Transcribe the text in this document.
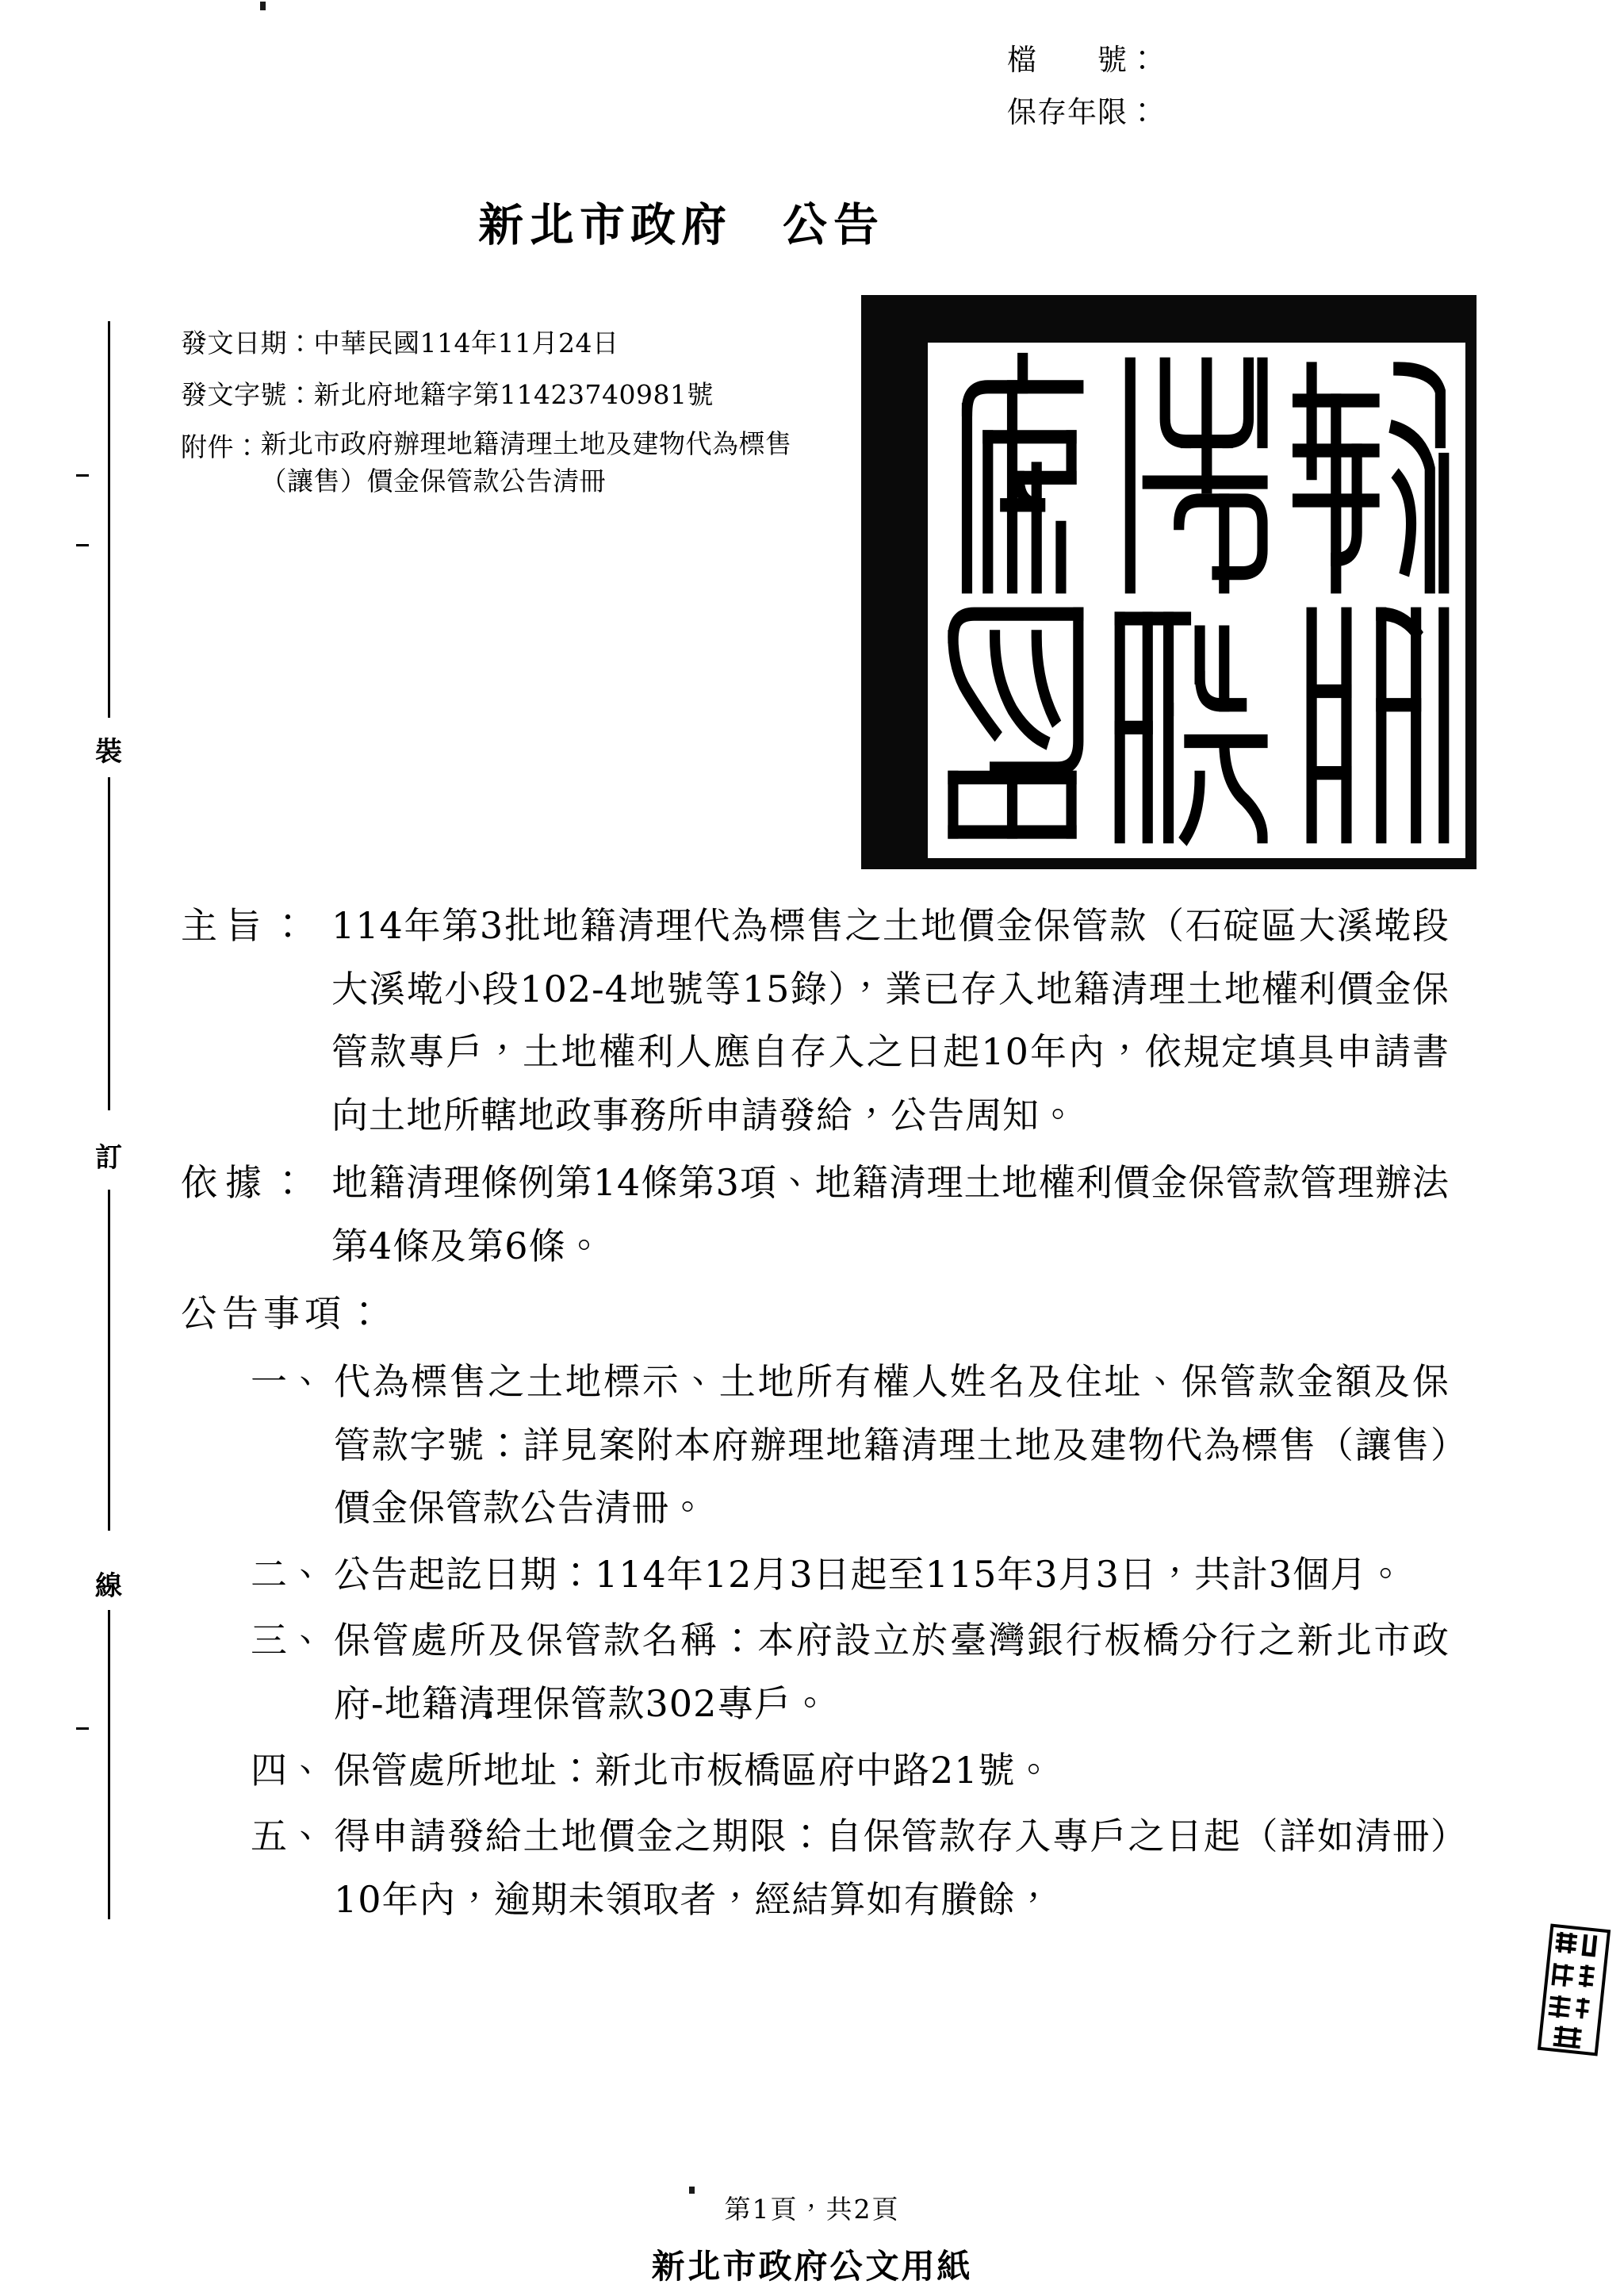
檔　　號：
保存年限：
新北市政府　公告
裝
訂
線
發文日期：中華民國114年11月24日
發文字號：新北府地籍字第11423740981號
附件： 新北市政府辦理地籍清理土地及建物代為標售（讓售）價金保管款公告清冊
主旨： 114年第3批地籍清理代為標售之土地價金保管款（石碇區大溪墘段大溪墘小段102-4地號等15錄），業已存入地籍清理土地權利價金保管款專戶，土地權利人應自存入之日起10年內，依規定填具申請書向土地所轄地政事務所申請發給，公告周知。
依據： 地籍清理條例第14條第3項、地籍清理土地權利價金保管款管理辦法第4條及第6條。
公告事項：
一、 代為標售之土地標示、土地所有權人姓名及住址、保管款金額及保管款字號：詳見案附本府辦理地籍清理土地及建物代為標售（讓售）價金保管款公告清冊。
二、 公告起訖日期：114年12月3日起至115年3月3日，共計3個月。
三、 保管處所及保管款名稱：本府設立於臺灣銀行板橋分行之新北市政府-地籍清理保管款302專戶。
四、 保管處所地址：新北市板橋區府中路21號。
五、 得申請發給土地價金之期限：自保管款存入專戶之日起（詳如清冊）10年內，逾期未領取者，經結算如有賸餘，
第1頁，共2頁
新北市政府公文用紙
